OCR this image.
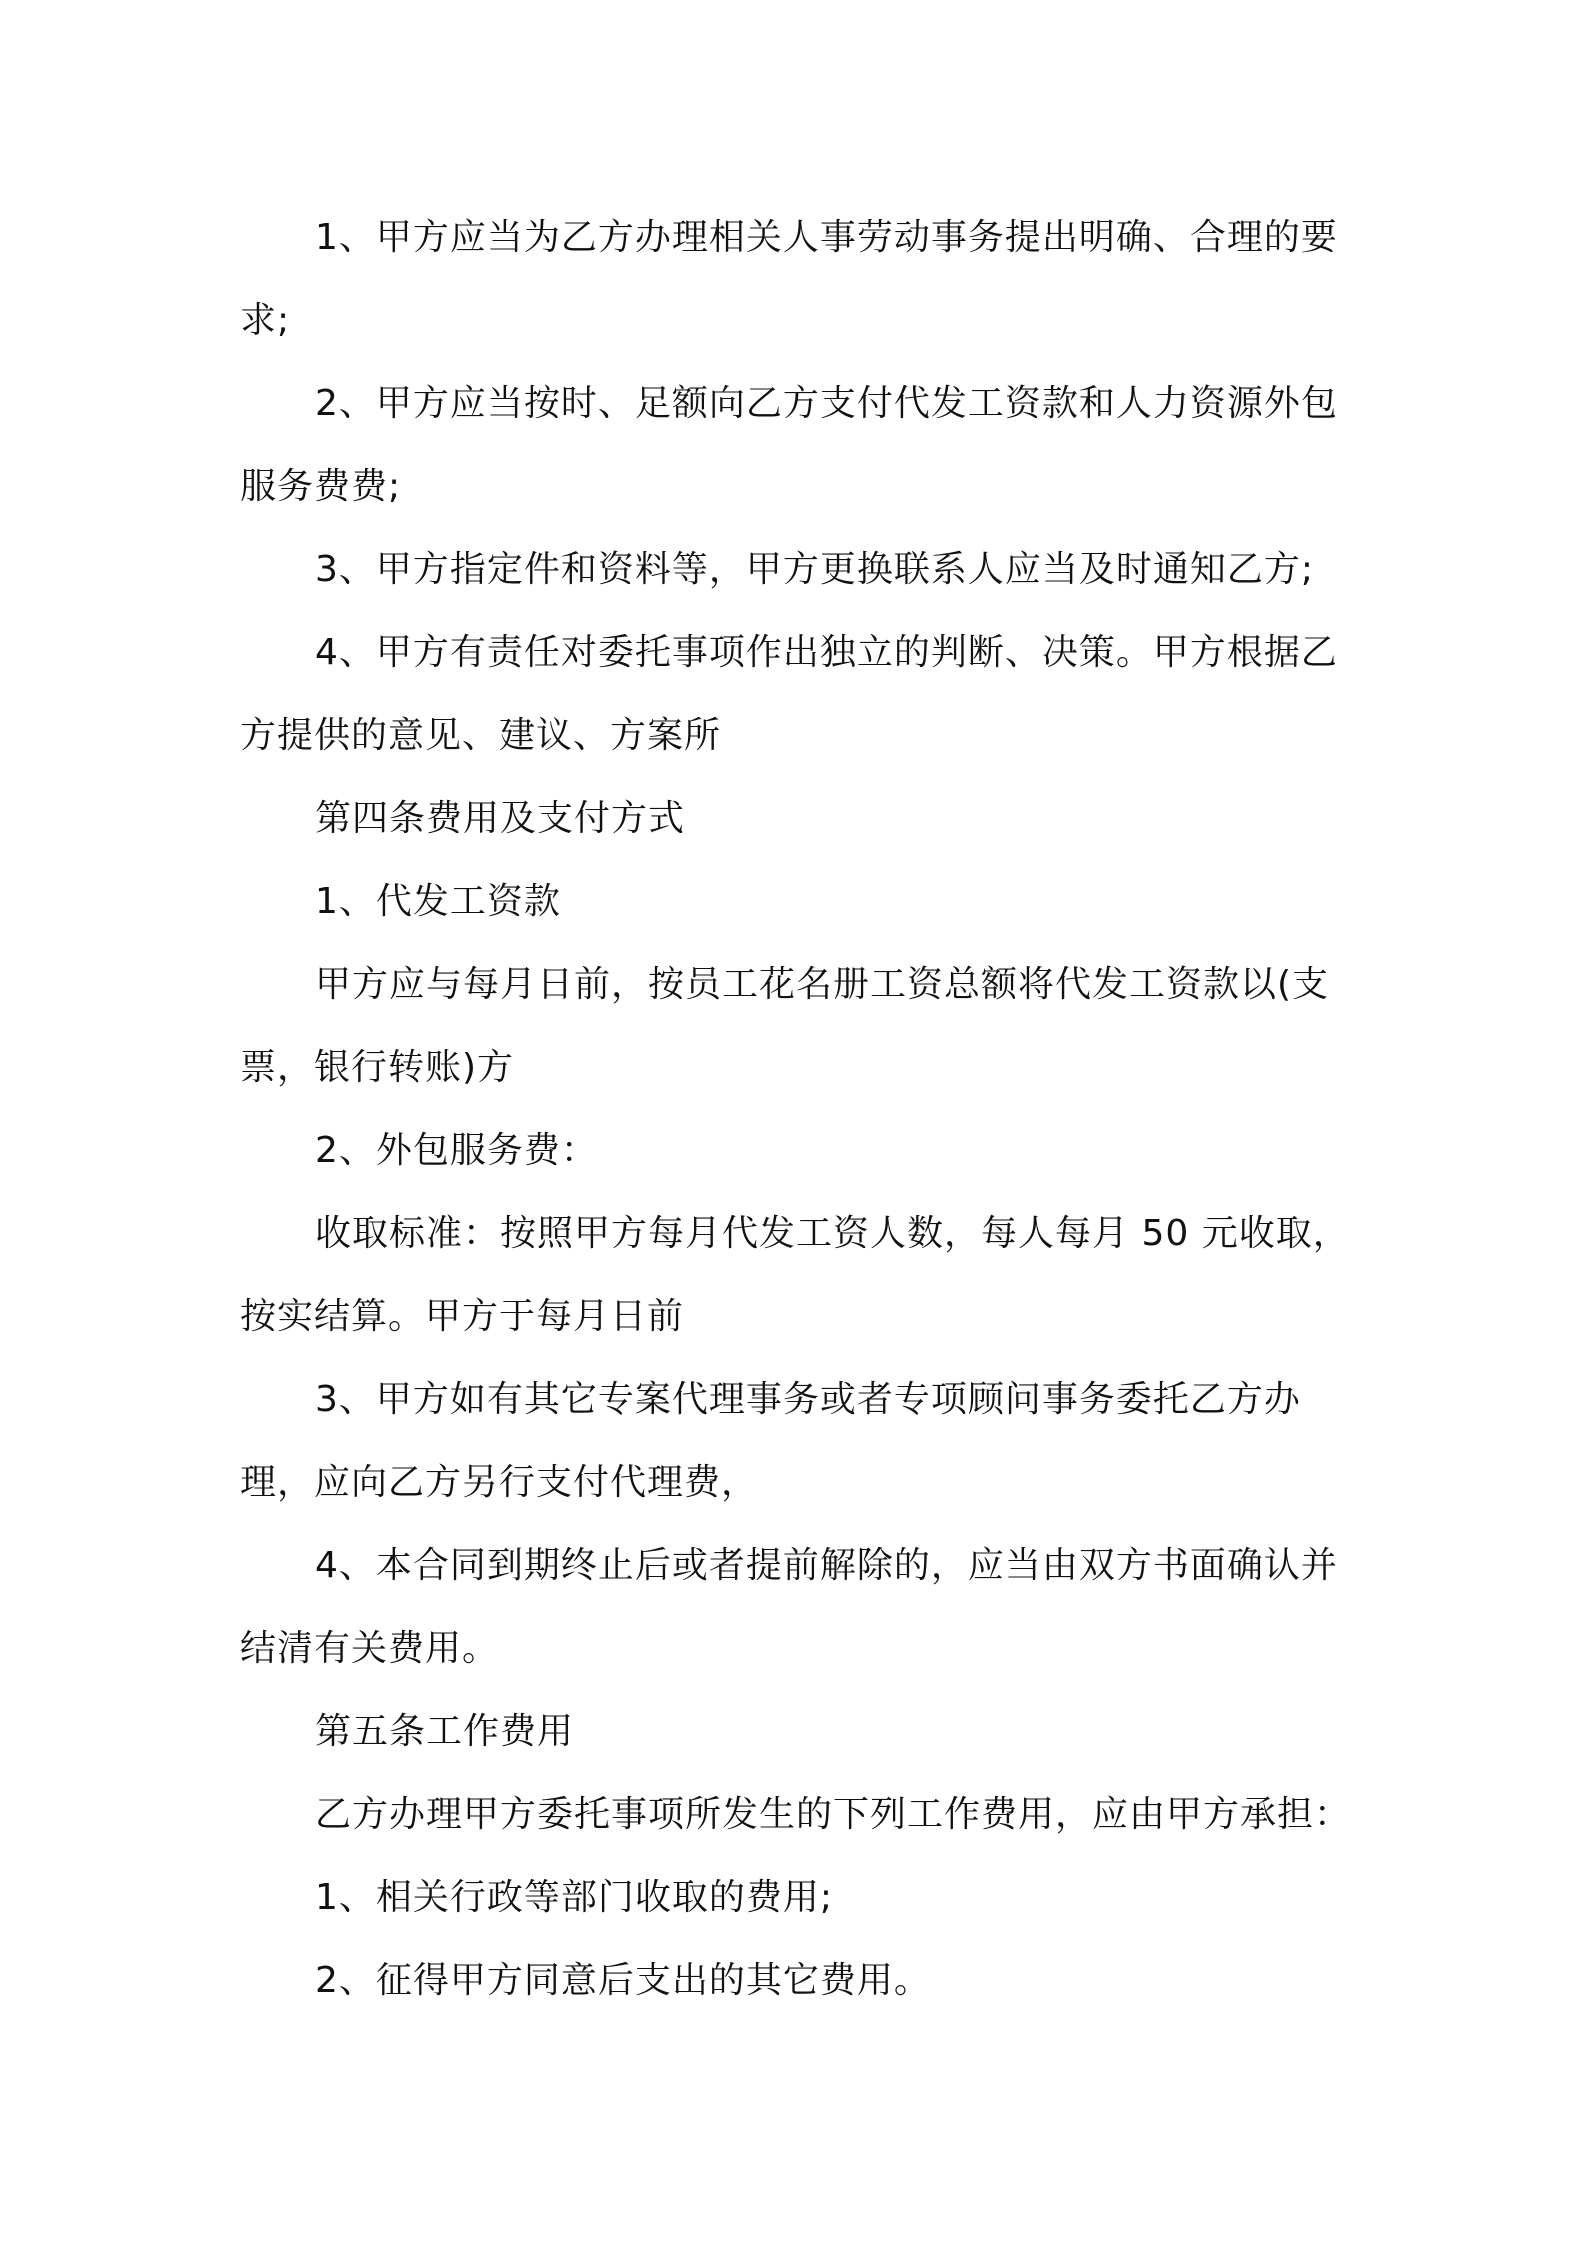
1、甲方应当为乙方办理相关人事劳动事务提出明确、合理的要求;

2、甲方应当按时、足额向乙方支付代发工资款和人力资源外包服务费费;

3、甲方指定件和资料等，甲方更换联系人应当及时通知乙方;

4、甲方有责任对委托事项作出独立的判断、决策。甲方根据乙方提供的意见、建议、方案所

第四条费用及支付方式

1、代发工资款

甲方应与每月日前，按员工花名册工资总额将代发工资款以(支票，银行转账)方

2、外包服务费：

收取标准：按照甲方每月代发工资人数，每人每月 50 元收取，按实结算。甲方于每月日前

3、甲方如有其它专案代理事务或者专项顾问事务委托乙方办理，应向乙方另行支付代理费，

4、本合同到期终止后或者提前解除的，应当由双方书面确认并结清有关费用。

第五条工作费用

乙方办理甲方委托事项所发生的下列工作费用，应由甲方承担：

1、相关行政等部门收取的费用;

2、征得甲方同意后支出的其它费用。
